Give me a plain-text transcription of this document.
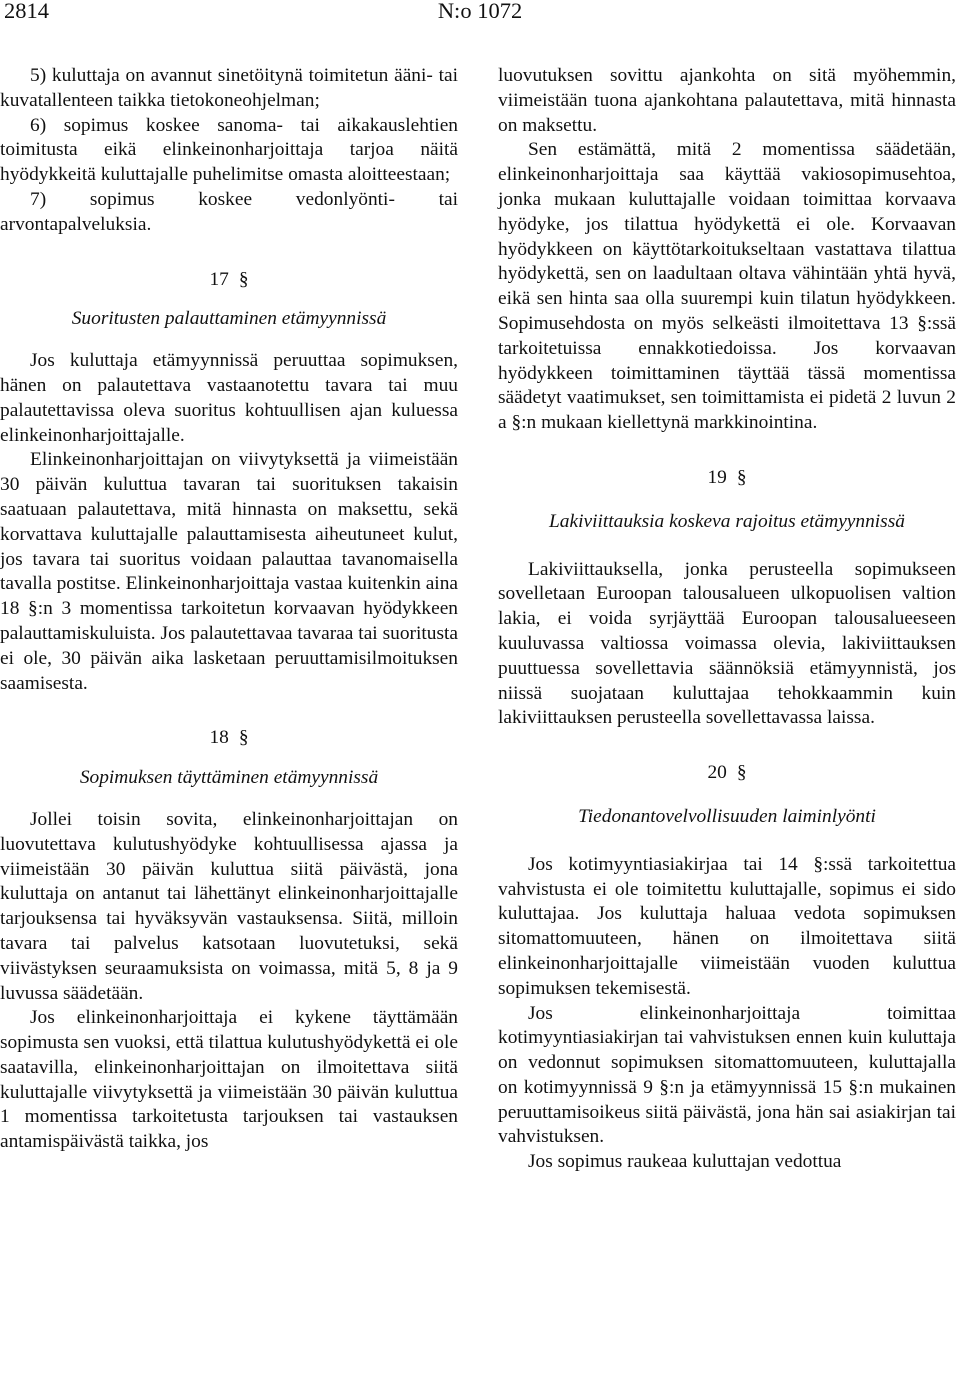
2814	N:o 1072

5) kuluttaja on avannut sinetöitynä toimitetun ääni- tai kuvatallenteen taikka tietokoneohjelman;

6) sopimus koskee sanoma- tai aikakauslehtien toimitusta eikä elinkeinonharjoittaja tarjoa näitä hyödykkeitä kuluttajalle puhelimitse omasta aloitteestaan;

7) sopimus koskee vedonlyönti- tai arvontapalveluksia.

17 §
Suoritusten palauttaminen etämyynnissä

Jos kuluttaja etämyynnissä peruuttaa sopimuksen, hänen on palautettava vastaanotettu tavara tai muu palautettavissa oleva suoritus kohtuullisen ajan kuluessa elinkeinonharjoittajalle.

Elinkeinonharjoittajan on viivytyksettä ja viimeistään 30 päivän kuluttua tavaran tai suorituksen takaisin saatuaan palautettava, mitä hinnasta on maksettu, sekä korvattava kuluttajalle palauttamisesta aiheutuneet kulut, jos tavara tai suoritus voidaan palauttaa tavanomaisella tavalla postitse. Elinkeinonharjoittaja vastaa kuitenkin aina 18 §:n 3 momentissa tarkoitetun korvaavan hyödykkeen palauttamiskuluista. Jos palautettavaa tavaraa tai suoritusta ei ole, 30 päivän aika lasketaan peruuttamisilmoituksen saamisesta.

18 §
Sopimuksen täyttäminen etämyynnissä

Jollei toisin sovita, elinkeinonharjoittajan on luovutettava kulutushyödyke kohtuullisessa ajassa ja viimeistään 30 päivän kuluttua siitä päivästä, jona kuluttaja on antanut tai lähettänyt elinkeinonharjoittajalle tarjouksensa tai hyväksyvän vastauksensa. Siitä, milloin tavara tai palvelus katsotaan luovutetuksi, sekä viivästyksen seuraamuksista on voimassa, mitä 5, 8 ja 9 luvussa säädetään.

Jos elinkeinonharjoittaja ei kykene täyttämään sopimusta sen vuoksi, että tilattua kulutushyödykettä ei ole saatavilla, elinkeinonharjoittajan on ilmoitettava siitä kuluttajalle viivytyksettä ja viimeistään 30 päivän kuluttua 1 momentissa tarkoitetusta tarjouksen tai vastauksen antamispäivästä taikka, jos

luovutuksen sovittu ajankohta on sitä myöhemmin, viimeistään tuona ajankohtana palautettava, mitä hinnasta on maksettu.

Sen estämättä, mitä 2 momentissa säädetään, elinkeinonharjoittaja saa käyttää vakiosopimusehtoa, jonka mukaan kuluttajalle voidaan toimittaa korvaava hyödyke, jos tilattua hyödykettä ei ole. Korvaavan hyödykkeen on käyttötarkoitukseltaan vastattava tilattua hyödykettä, sen on laadultaan oltava vähintään yhtä hyvä, eikä sen hinta saa olla suurempi kuin tilatun hyödykkeen. Sopimusehdosta on myös selkeästi ilmoitettava 13 §:ssä tarkoitetuissa ennakkotiedoissa. Jos korvaavan hyödykkeen toimittaminen täyttää tässä momentissa säädetyt vaatimukset, sen toimittamista ei pidetä 2 luvun 2 a §:n mukaan kiellettynä markkinointina.

19 §
Lakiviittauksia koskeva rajoitus etämyynnissä

Lakiviittauksella, jonka perusteella sopimukseen sovelletaan Euroopan talousalueen ulkopuolisen valtion lakia, ei voida syrjäyttää Euroopan talousalueeseen kuuluvassa valtiossa voimassa olevia, lakiviittauksen puuttuessa sovellettavia säännöksiä etämyynnistä, jos niissä suojataan kuluttajaa tehokkaammin kuin lakiviittauksen perusteella sovellettavassa laissa.

20 §
Tiedonantovelvollisuuden laiminlyönti

Jos kotimyyntiasiakirjaa tai 14 §:ssä tarkoitettua vahvistusta ei ole toimitettu kuluttajalle, sopimus ei sido kuluttajaa. Jos kuluttaja haluaa vedota sopimuksen sitomattomuuteen, hänen on ilmoitettava siitä elinkeinonharjoittajalle viimeistään vuoden kuluttua sopimuksen tekemisestä.

Jos elinkeinonharjoittaja toimittaa kotimyyntiasiakirjan tai vahvistuksen ennen kuin kuluttaja on vedonnut sopimuksen sitomattomuuteen, kuluttajalla on kotimyynnissä 9 §:n ja etämyynnissä 15 §:n mukainen peruuttamisoikeus siitä päivästä, jona hän sai asiakirjan tai vahvistuksen.

Jos sopimus raukeaa kuluttajan vedottua
